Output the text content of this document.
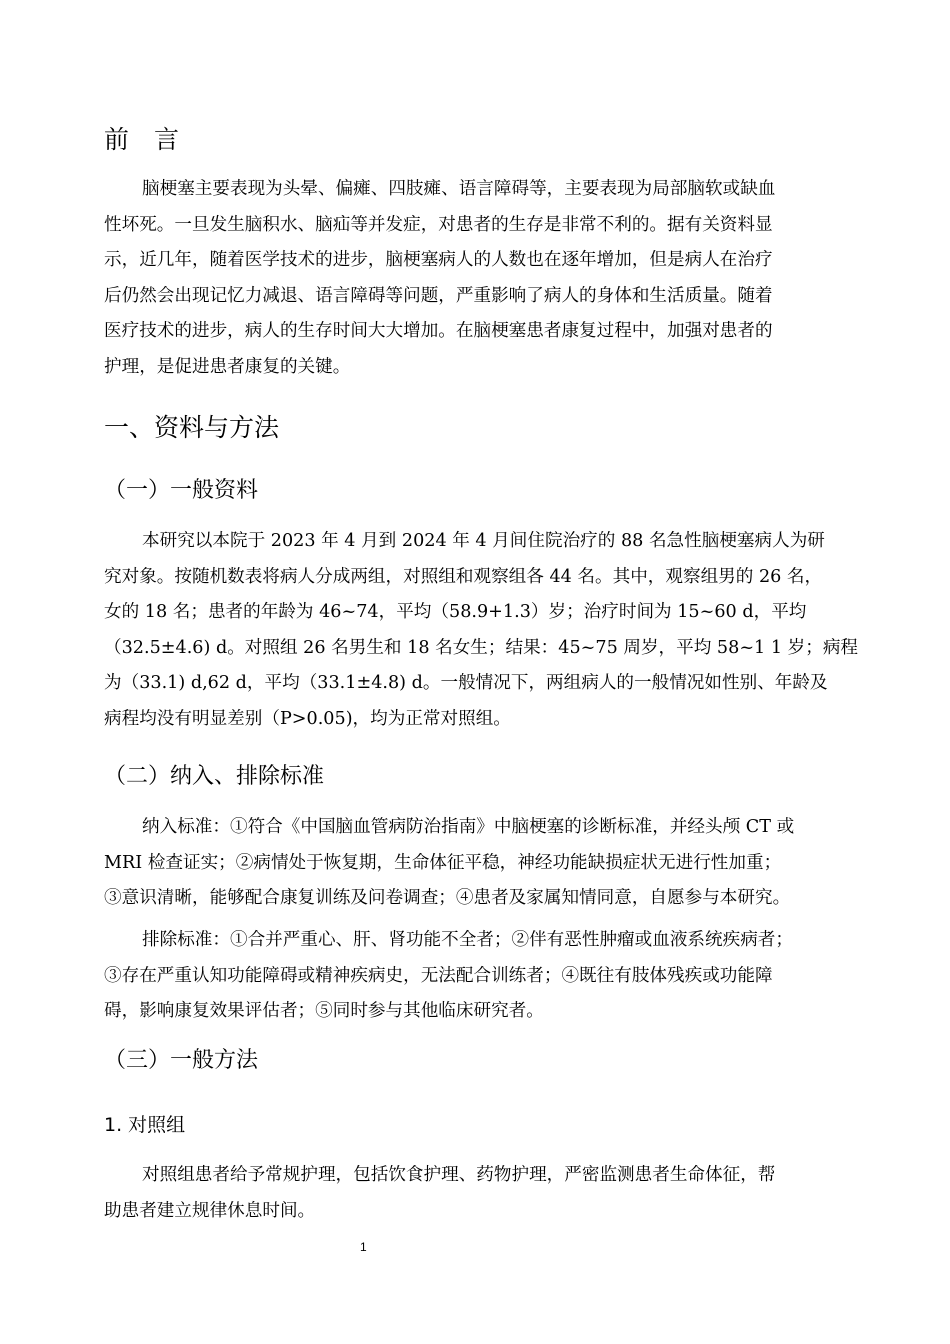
前　言
脑梗塞主要表现为头晕、偏瘫、四肢瘫、语言障碍等，主要表现为局部脑软或缺血
性坏死。一旦发生脑积水、脑疝等并发症，对患者的生存是非常不利的。据有关资料显
示，近几年，随着医学技术的进步，脑梗塞病人的人数也在逐年增加，但是病人在治疗
后仍然会出现记忆力减退、语言障碍等问题，严重影响了病人的身体和生活质量。随着
医疗技术的进步，病人的生存时间大大增加。在脑梗塞患者康复过程中，加强对患者的
护理，是促进患者康复的关键。
一、资料与方法
（一）一般资料
本研究以本院于 2023 年 4 月到 2024 年 4 月间住院治疗的 88 名急性脑梗塞病人为研
究对象。按随机数表将病人分成两组，对照组和观察组各 44 名。其中，观察组男的 26 名，
女的 18 名；患者的年龄为 46~74，平均（58.9+1.3）岁；治疗时间为 15~60 d，平均
（32.5±4.6) d。对照组 26 名男生和 18 名女生；结果：45~75 周岁，平均 58~1 1 岁；病程
为（33.1) d,62 d，平均（33.1±4.8) d。一般情况下，两组病人的一般情况如性别、年龄及
病程均没有明显差别（P>0.05)，均为正常对照组。
（二）纳入、排除标准
纳入标准：①符合《中国脑血管病防治指南》中脑梗塞的诊断标准，并经头颅 CT 或
MRI 检查证实；②病情处于恢复期，生命体征平稳，神经功能缺损症状无进行性加重；
③意识清晰，能够配合康复训练及问卷调查；④患者及家属知情同意，自愿参与本研究。
排除标准：①合并严重心、肝、肾功能不全者；②伴有恶性肿瘤或血液系统疾病者；
③存在严重认知功能障碍或精神疾病史，无法配合训练者；④既往有肢体残疾或功能障
碍，影响康复效果评估者；⑤同时参与其他临床研究者。
（三）一般方法
1. 对照组
对照组患者给予常规护理，包括饮食护理、药物护理，严密监测患者生命体征，帮
助患者建立规律休息时间。
1
